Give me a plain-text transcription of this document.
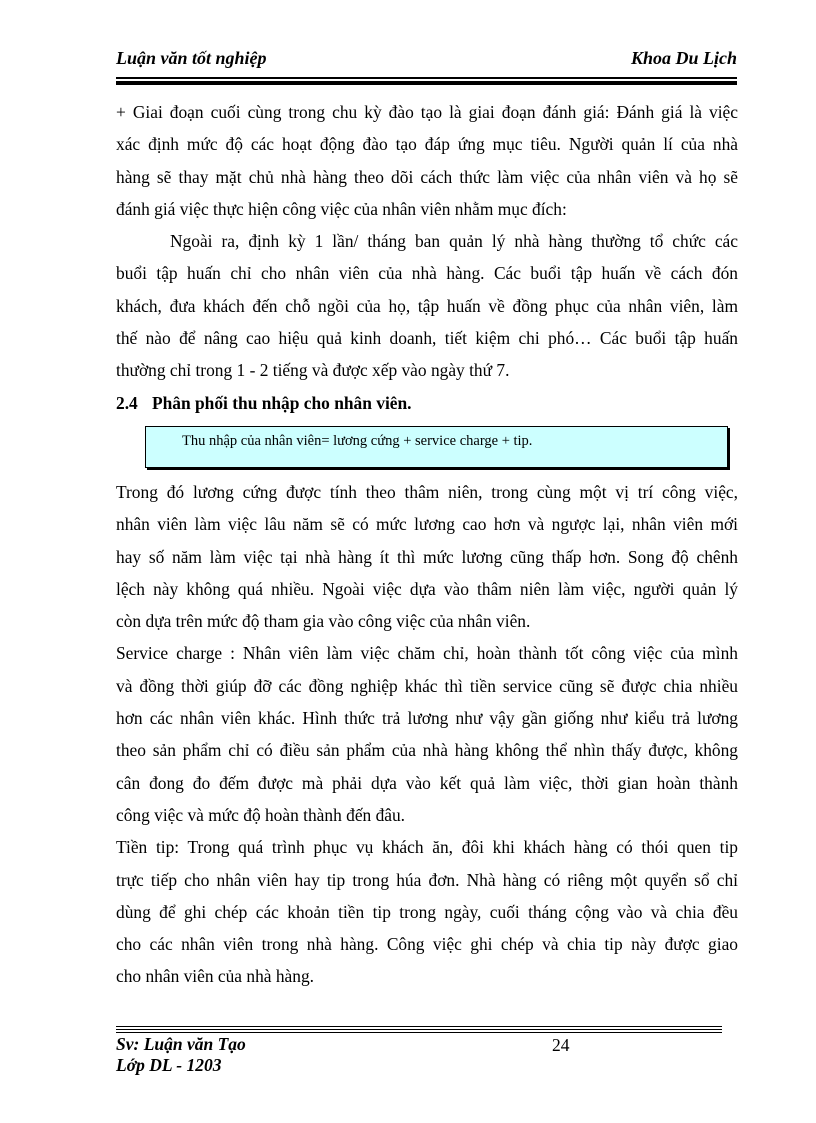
Luận văn tốt nghiệp	Khoa Du Lịch
+ Giai đoạn cuối cùng trong chu kỳ đào tạo là giai đoạn đánh giá: Đánh giá là việc
xác định mức độ các hoạt động đào tạo đáp ứng mục tiêu. Người quản lí của nhà
hàng sẽ thay mặt chủ nhà hàng theo dõi cách thức làm việc của nhân viên và họ sẽ
đánh giá việc thực hiện công việc của nhân viên nhằm mục đích:
Ngoài ra, định kỳ 1 lần/ tháng ban quản lý nhà hàng thường tổ chức các
buổi tập huấn chỉ cho nhân viên của nhà hàng. Các buổi tập huấn về cách đón
khách, đưa khách đến chỗ ngồi của họ, tập huấn về đồng phục của nhân viên, làm
thế nào để nâng cao hiệu quả kinh doanh, tiết kiệm chi phó… Các buổi tập huấn
thường chỉ trong 1 - 2 tiếng và được xếp vào ngày thứ 7.
2.4 Phân phối thu nhập cho nhân viên.
Thu nhập của nhân viên= lương cứng + service charge + tip.
Trong đó lương cứng được tính theo thâm niên, trong cùng một vị trí công việc,
nhân viên làm việc lâu năm sẽ có mức lương cao hơn và ngược lại, nhân viên mới
hay số năm làm việc tại nhà hàng ít thì mức lương cũng thấp hơn. Song độ chênh
lệch này không quá nhiều. Ngoài việc dựa vào thâm niên làm việc, người quản lý
còn dựa trên mức độ tham gia vào công việc của nhân viên.
Service charge : Nhân viên làm việc chăm chỉ, hoàn thành tốt công việc của mình
và đồng thời giúp đỡ các đồng nghiệp khác thì tiền service cũng sẽ được chia nhiều
hơn các nhân viên khác. Hình thức trả lương như vậy gần giống như kiểu trả lương
theo sản phẩm chỉ có điều sản phẩm của nhà hàng không thể nhìn thấy được, không
cân đong đo đếm được mà phải dựa vào kết quả làm việc, thời gian hoàn thành
công việc và mức độ hoàn thành đến đâu.
Tiền tip: Trong quá trình phục vụ khách ăn, đôi khi khách hàng có thói quen tip
trực tiếp cho nhân viên hay tip trong húa đơn. Nhà hàng có riêng một quyển sổ chỉ
dùng để ghi chép các khoản tiền tip trong ngày, cuối tháng cộng vào và chia đều
cho các nhân viên trong nhà hàng. Công việc ghi chép và chia tip này được giao
cho nhân viên của nhà hàng.
Sv: Luận văn Tạo
Lớp DL - 1203
24
